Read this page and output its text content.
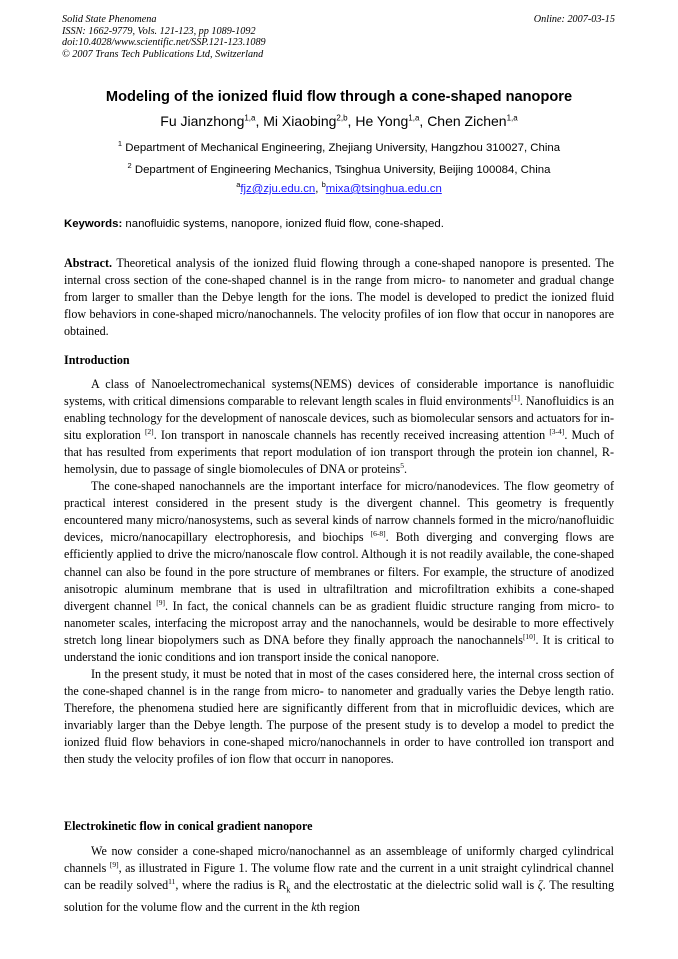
Solid State Phenomena
ISSN: 1662-9779, Vols. 121-123, pp 1089-1092
doi:10.4028/www.scientific.net/SSP.121-123.1089
© 2007 Trans Tech Publications Ltd, Switzerland
Online: 2007-03-15
Modeling of the ionized fluid flow through a cone-shaped nanopore
Fu Jianzhong$^{1,a}$, Mi Xiaobing$^{2,b}$, He Yong$^{1,a}$, Chen Zichen$^{1,a}$
$^1$ Department of Mechanical Engineering, Zhejiang University, Hangzhou 310027, China
$^2$ Department of Engineering Mechanics, Tsinghua University, Beijing 100084, China
$^a$fjz@zju.edu.cn, $^b$mixa@tsinghua.edu.cn
Keywords: nanofluidic systems, nanopore, ionized fluid flow, cone-shaped.

Abstract. Theoretical analysis of the ionized fluid flowing through a cone-shaped nanopore is presented. The internal cross section of the cone-shaped channel is in the range from micro- to nanometer and gradual change from larger to smaller than the Debye length for the ions. The model is developed to predict the ionized fluid flow behaviors in cone-shaped micro/nanochannels. The velocity profiles of ion flow that occur in nanopores are obtained.

Introduction

A class of Nanoelectromechanical systems(NEMS) devices of considerable importance is nanofluidic systems, with critical dimensions comparable to relevant length scales in fluid environments[1]. Nanofluidics is an enabling technology for the development of nanoscale devices, such as biomolecular sensors and actuators for in-situ exploration [2]. Ion transport in nanoscale channels has recently received increasing attention [3-4]. Much of that has resulted from experiments that report modulation of ion transport through the protein ion channel, R-hemolysin, due to passage of single biomolecules of DNA or proteins$^5$.

The cone-shaped nanochannels are the important interface for micro/nanodevices. The flow geometry of practical interest considered in the present study is the divergent channel. This geometry is frequently encountered many micro/nanosystems, such as several kinds of narrow channels formed in the micro/nanofluidic devices, micro/nanocapillary electrophoresis, and biochips [6-8]. Both diverging and converging flows are efficiently applied to drive the micro/nanoscale flow control. Although it is not readily available, the cone-shaped channel can also be found in the pore structure of membranes or filters. For example, the structure of anodized anisotropic aluminum membrane that is used in ultrafiltration and microfiltration exhibits a cone-shaped divergent channel [9]. In fact, the conical channels can be as gradient fluidic structure ranging from micro- to nanometer scales, interfacing the micropost array and the nanochannels, would be desirable to more effectively stretch long linear biopolymers such as DNA before they finally approach the nanochannels[10]. It is critical to understand the ionic conditions and ion transport inside the conical nanopore.

In the present study, it must be noted that in most of the cases considered here, the internal cross section of the cone-shaped channel is in the range from micro- to nanometer and gradually varies the Debye length ratio. Therefore, the phenomena studied here are significantly different from that in microfluidic devices, which are invariably larger than the Debye length. The purpose of the present study is to develop a model to predict the ionized fluid flow behaviors in cone-shaped micro/nanochannels in order to have controlled ion transport and then study the velocity profiles of ion flow that occurr in nanopores.

Electrokinetic flow in conical gradient nanopore

We now consider a cone-shaped micro/nanochannel as an assembleage of uniformly charged cylindrical channels [9], as illustrated in Figure 1. The volume flow rate and the current in a unit straight cylindrical channel can be readily solved$^{11}$, where the radius is $R_k$ and the electrostatic at the dielectric solid wall is ζ. The resulting solution for the volume flow and the current in the kth region
